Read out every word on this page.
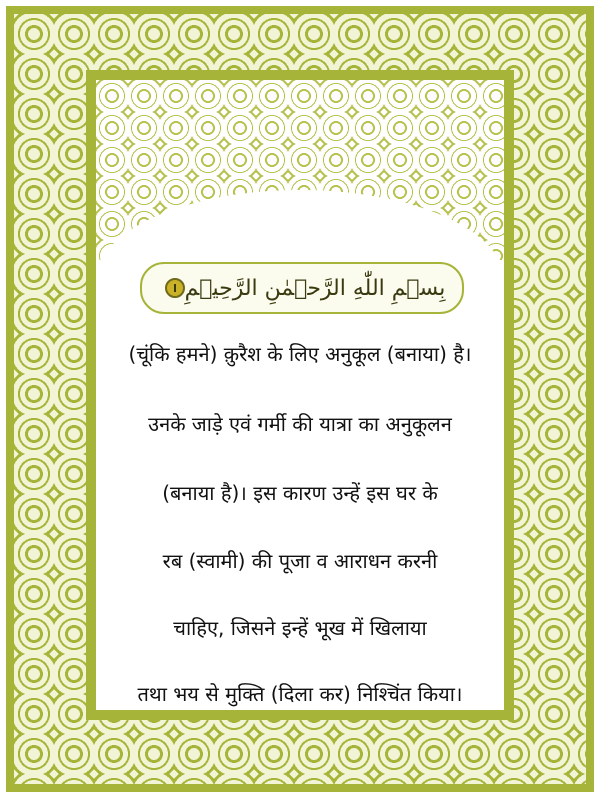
بِسۡمِ اللّٰهِ الرَّحۡمٰنِ الرَّحِيۡمِ
(चूंकि हमने) क़ुरैश के लिए अनुकूल (बनाया) है।
उनके जाड़े एवं गर्मी की यात्रा का अनुकूलन
(बनाया है)। इस कारण उन्हें इस घर के
रब (स्वामी) की पूजा व आराधन करनी
चाहिए, जिसने इन्हें भूख में खिलाया
तथा भय से मुक्ति (दिला कर) निश्चिंत किया।
